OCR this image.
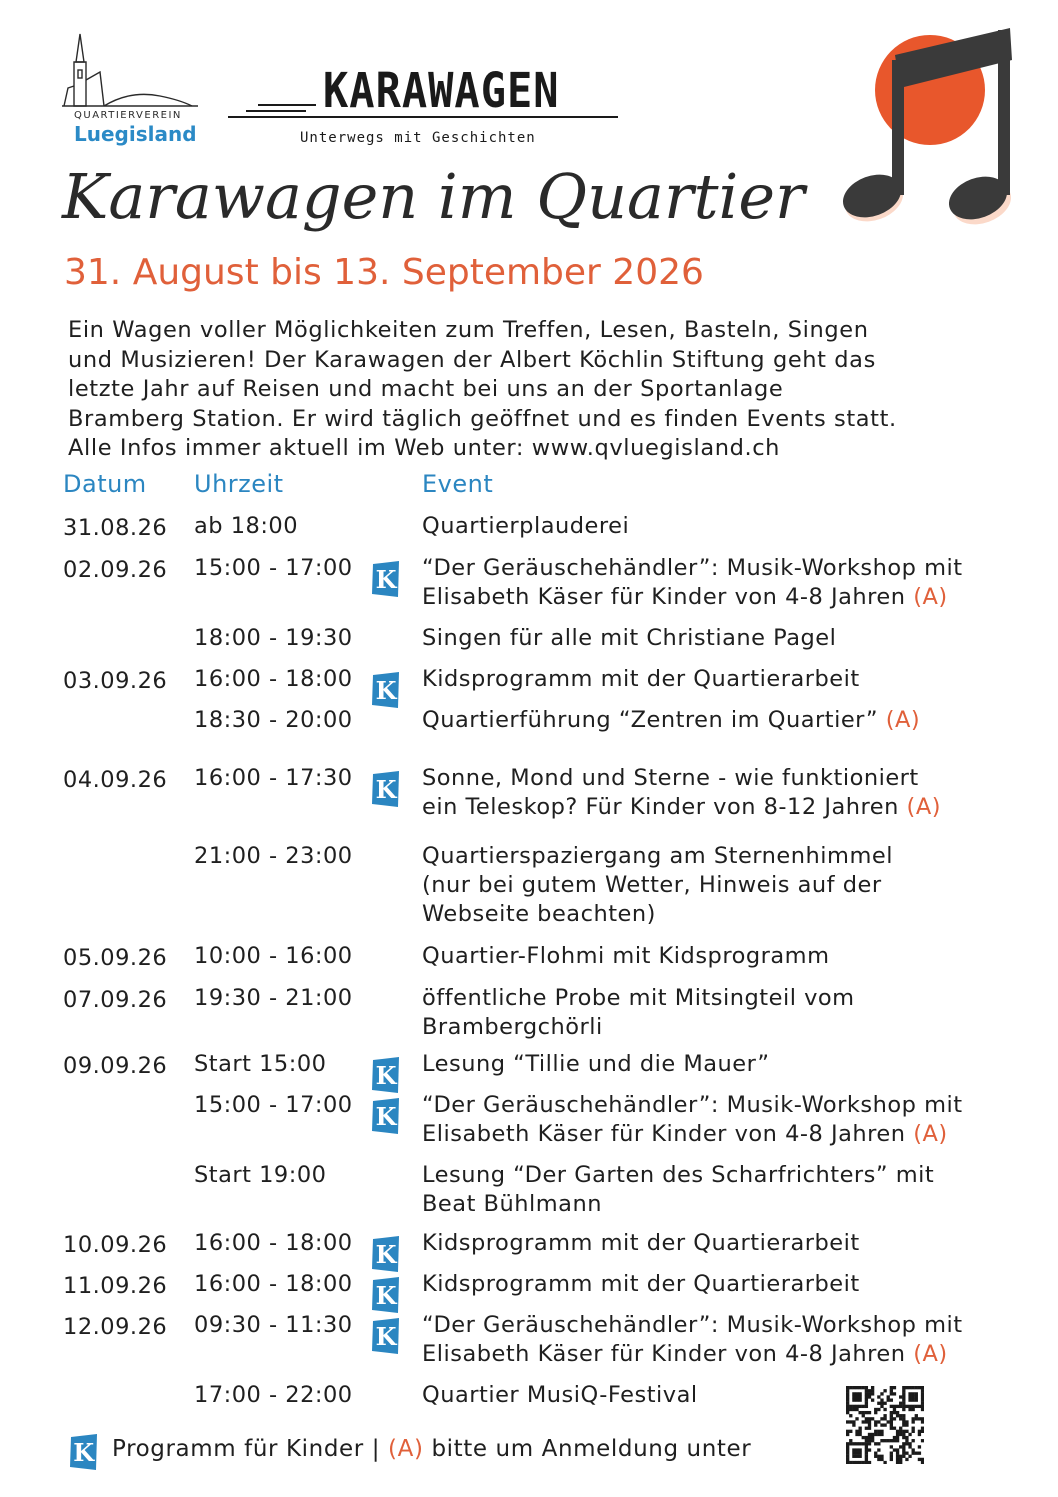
QUARTIERVEREIN
Luegisland
KARAWAGEN
Unterwegs mit Geschichten
Karawagen im Quartier
31. August bis 13. September 2026
Ein Wagen voller Möglichkeiten zum Treffen, Lesen, Basteln, Singen
und Musizieren! Der Karawagen der Albert Köchlin Stiftung geht das
letzte Jahr auf Reisen und macht bei uns an der Sportanlage
Bramberg Station. Er wird täglich geöffnet und es finden Events statt.
Alle Infos immer aktuell im Web unter: www.qvluegisland.ch
Datum Uhrzeit	Event
31.08.26 ab 18:00	Quartierplauderei
02.09.26 15:00 - 17:00 K “Der Geräuschehändler”: Musik-Workshop mit
Elisabeth Käser für Kinder von 4-8 Jahren (A)
18:00 - 19:30	Singen für alle mit Christiane Pagel
03.09.26 16:00 - 18:00 K Kidsprogramm mit der Quartierarbeit
18:30 - 20:00	Quartierführung “Zentren im Quartier” (A)
04.09.26 16:00 - 17:30 K Sonne, Mond und Sterne - wie funktioniert
ein Teleskop? Für Kinder von 8-12 Jahren (A)
21:00 - 23:00	Quartierspaziergang am Sternenhimmel
(nur bei gutem Wetter, Hinweis auf der
Webseite beachten)
05.09.26 10:00 - 16:00	Quartier-Flohmi mit Kidsprogramm
07.09.26 19:30 - 21:00	öffentliche Probe mit Mitsingteil vom
Brambergchörli
09.09.26 Start 15:00 K Lesung “Tillie und die Mauer”
15:00 - 17:00 K “Der Geräuschehändler”: Musik-Workshop mit
Elisabeth Käser für Kinder von 4-8 Jahren (A)
Start 19:00	Lesung “Der Garten des Scharfrichters” mit
Beat Bühlmann
10.09.26 16:00 - 18:00 K Kidsprogramm mit der Quartierarbeit
11.09.26 16:00 - 18:00 K Kidsprogramm mit der Quartierarbeit
12.09.26 09:30 - 11:30 K “Der Geräuschehändler”: Musik-Workshop mit
Elisabeth Käser für Kinder von 4-8 Jahren (A)
17:00 - 22:00	Quartier MusiQ-Festival
K Programm für Kinder | (A) bitte um Anmeldung unter
